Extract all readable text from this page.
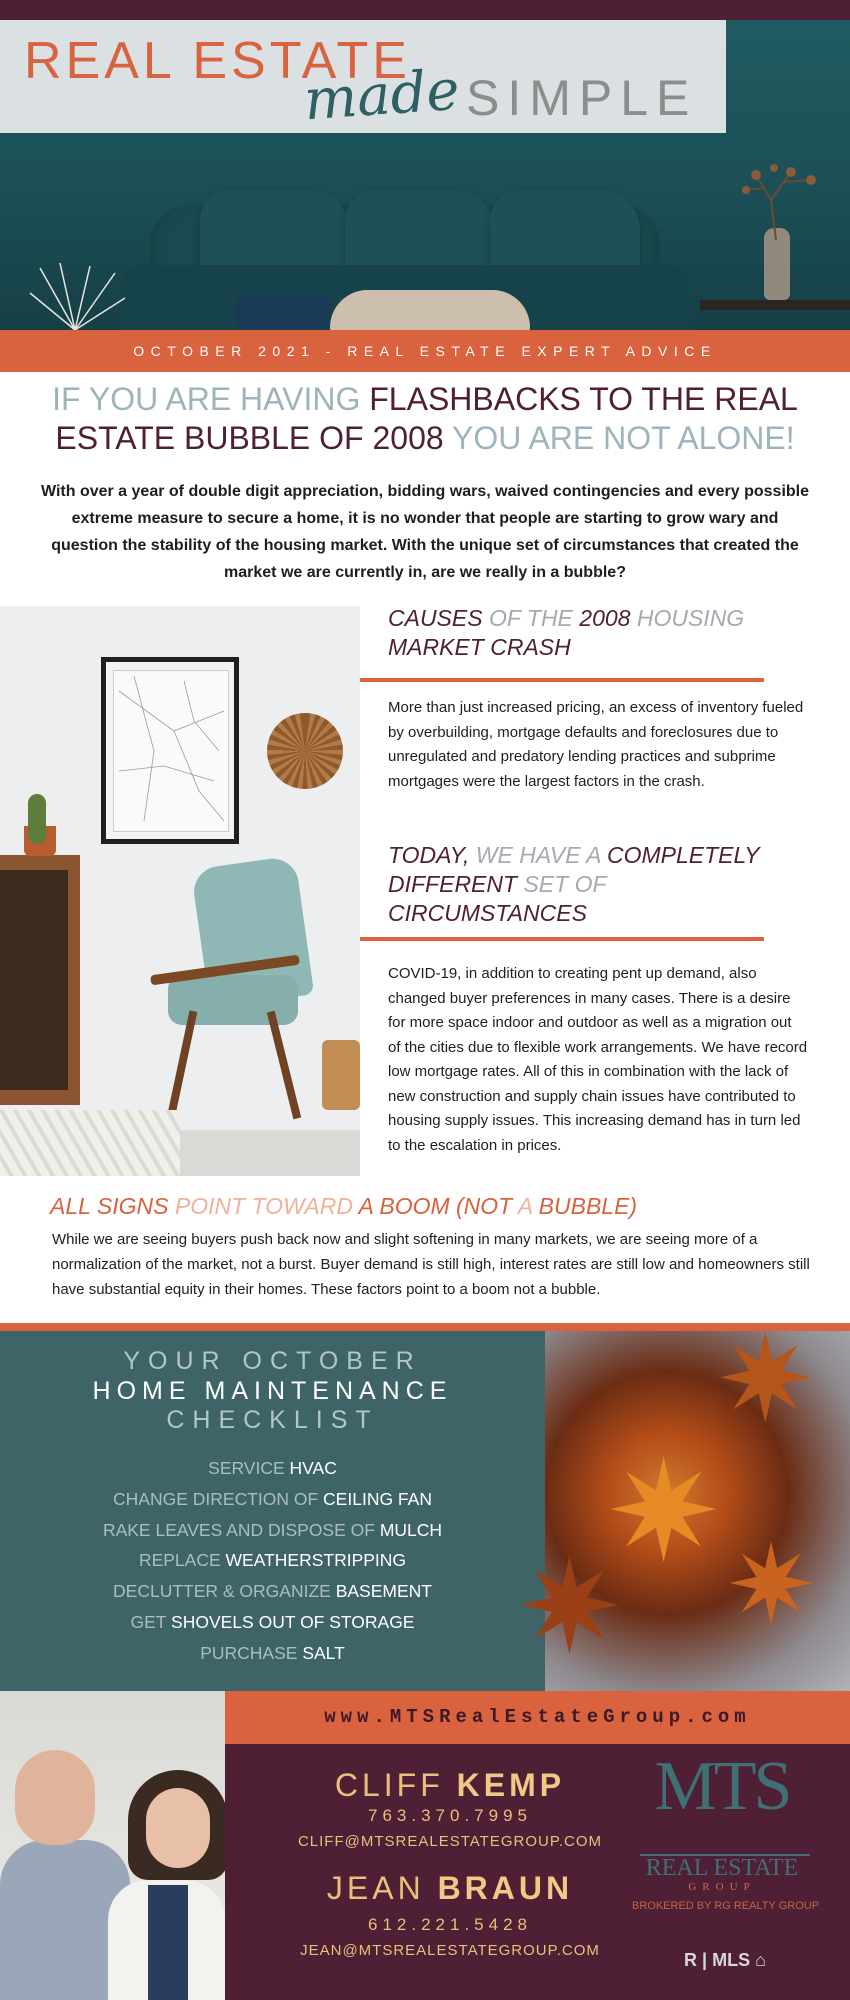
REAL ESTATE
made SIMPLE
OCTOBER 2021 - REAL ESTATE EXPERT ADVICE
IF YOU ARE HAVING FLASHBACKS TO THE REAL ESTATE BUBBLE OF 2008 YOU ARE NOT ALONE!
With over a year of double digit appreciation, bidding wars, waived contingencies and every possible extreme measure to secure a home, it is no wonder that people are starting to grow wary and question the stability of the housing market. With the unique set of circumstances that created the market we are currently in, are we really in a bubble?
CAUSES OF THE 2008 HOUSING
MARKET CRASH
More than just increased pricing, an excess of inventory fueled by overbuilding, mortgage defaults and foreclosures due to unregulated and predatory lending practices and subprime mortgages were the largest factors in the crash.
TODAY, WE HAVE A COMPLETELY
DIFFERENT SET OF
CIRCUMSTANCES
COVID-19, in addition to creating pent up demand, also changed buyer preferences in many cases. There is a desire for more space indoor and outdoor as well as a migration out of the cities due to flexible work arrangements. We have record low mortgage rates. All of this in combination with the lack of new construction and supply chain issues have contributed to housing supply issues. This increasing demand has in turn led to the escalation in prices.
ALL SIGNS POINT TOWARD A BOOM (NOT A BUBBLE)
While we are seeing buyers push back now and slight softening in many markets, we are seeing more of a normalization of the market, not a burst. Buyer demand is still high, interest rates are still low and homeowners still have substantial equity in their homes. These factors point to a boom not a bubble.
✷
✷
✷ ✷
YOUR OCTOBER
HOME MAINTENANCE
CHECKLIST
SERVICE HVAC
CHANGE DIRECTION OF CEILING FAN
RAKE LEAVES AND DISPOSE OF MULCH
REPLACE WEATHERSTRIPPING
DECLUTTER & ORGANIZE BASEMENT
GET SHOVELS OUT OF STORAGE
PURCHASE SALT
www.MTSRealEstateGroup.com
CLIFF KEMP
763.370.7995
CLIFF@MTSREALESTATEGROUP.COM
JEAN BRAUN
612.221.5428
JEAN@MTSREALESTATEGROUP.COM
MTS
REAL ESTATE
GROUP
BROKERED BY RG REALTY GROUP
R | MLS ⌂
